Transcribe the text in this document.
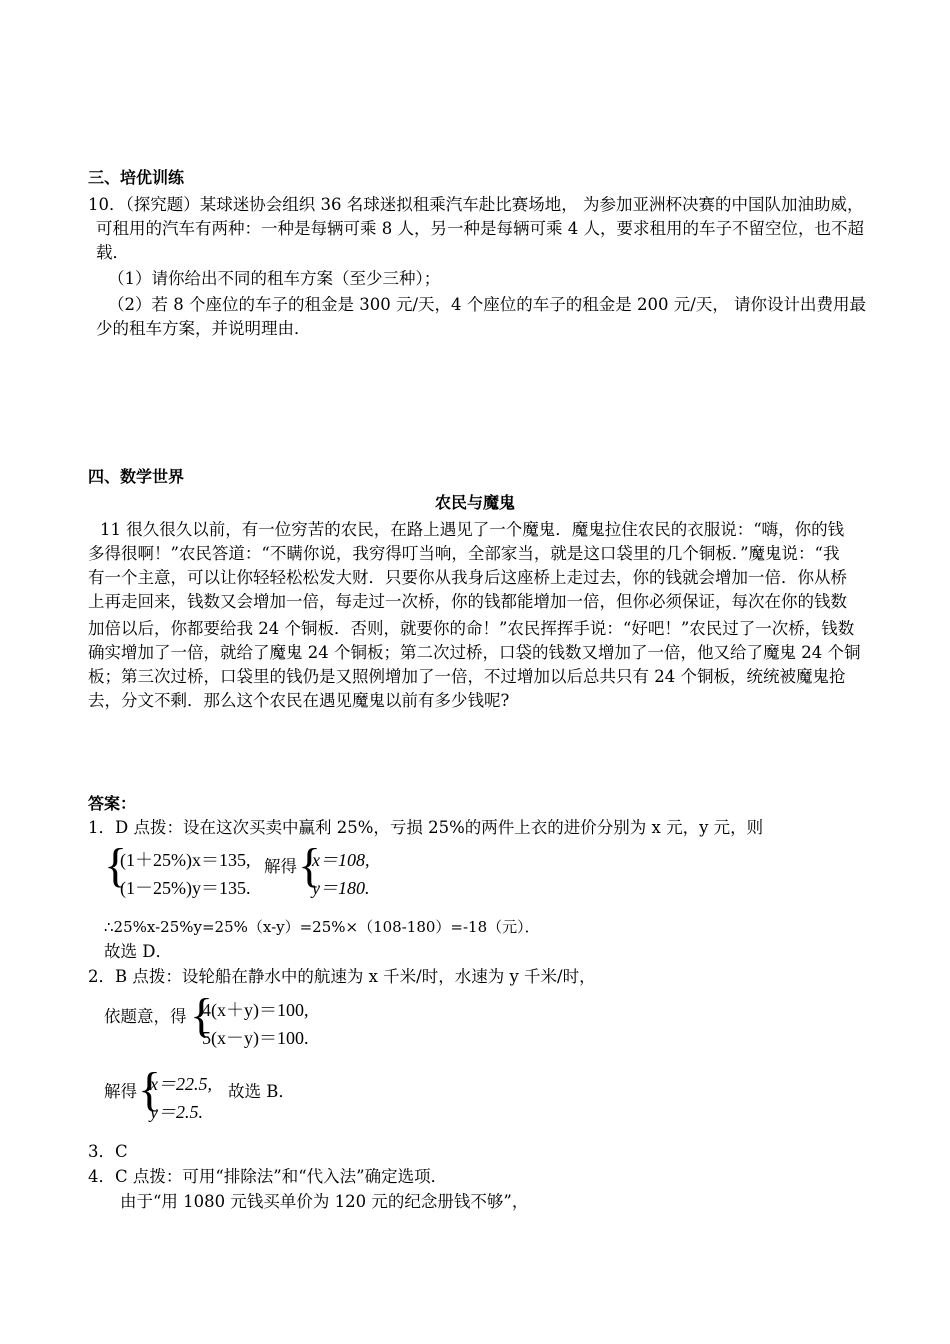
三、培优训练
10．（探究题）某球迷协会组织 36 名球迷拟租乘汽车赴比赛场地， 为参加亚洲杯决赛的中国队加油助威，
可租用的汽车有两种：一种是每辆可乘 8 人，另一种是每辆可乘 4 人，要求租用的车子不留空位，也不超
载．
（1）请你给出不同的租车方案（至少三种）；
（2）若 8 个座位的车子的租金是 300 元/天，4 个座位的车子的租金是 200 元/天， 请你设计出费用最
少的租车方案，并说明理由．
四、数学世界
农民与魔鬼
11 很久很久以前，有一位穷苦的农民，在路上遇见了一个魔鬼．魔鬼拉住农民的衣服说：“嗨，你的钱
多得很啊！”农民答道：“不瞒你说，我穷得叮当响，全部家当，就是这口袋里的几个铜板．”魔鬼说：“我
有一个主意，可以让你轻轻松松发大财．只要你从我身后这座桥上走过去，你的钱就会增加一倍．你从桥
上再走回来，钱数又会增加一倍，每走过一次桥，你的钱都能增加一倍，但你必须保证，每次在你的钱数
加倍以后，你都要给我 24 个铜板．否则，就要你的命！”农民挥挥手说：“好吧！”农民过了一次桥，钱数
确实增加了一倍，就给了魔鬼 24 个铜板；第二次过桥，口袋的钱数又增加了一倍，他又给了魔鬼 24 个铜
板；第三次过桥，口袋里的钱仍是又照例增加了一倍，不过增加以后总共只有 24 个铜板，统统被魔鬼抢
去，分文不剩．那么这个农民在遇见魔鬼以前有多少钱呢?
答案：
1．D 点拨：设在这次买卖中赢利 25%，亏损 25%的两件上衣的进价分别为 x 元，y 元，则
{
(1＋25%)x＝135,
(1－25%)y＝135.
解得 {
x＝108,
y＝180.
∴25%x-25%y=25%（x-y）=25%×（108-180）=-18（元）．
故选 D．
2．B 点拨：设轮船在静水中的航速为 x 千米/时，水速为 y 千米/时，
依题意，得 {
4(x＋y)＝100,
5(x－y)＝100.
解得 {
x＝22.5,
y＝2.5.
故选 B．
3．C
4．C 点拨：可用“排除法”和“代入法”确定选项．
由于“用 1080 元钱买单价为 120 元的纪念册钱不够”，
